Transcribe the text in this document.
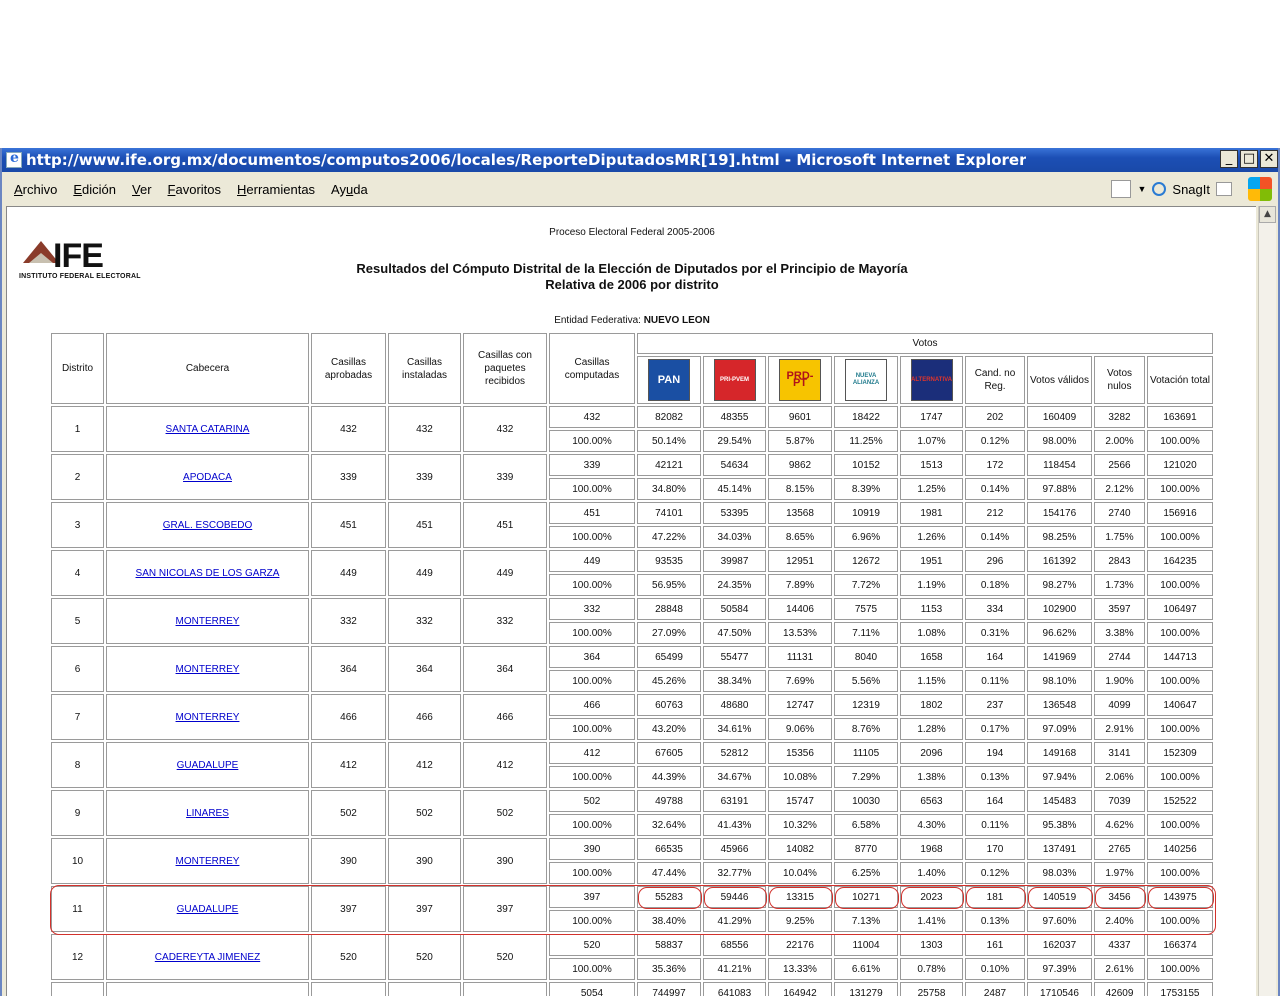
e
http://www.ife.org.mx/documentos/computos2006/locales/ReporteDiputadosMR[19].html - Microsoft Internet Explorer	_ □ ✕
Archivo	Edición	Ver	Favoritos	Herramientas	Ayuda	▼ SnagIt
IFE
INSTITUTO FEDERAL ELECTORAL
Proceso Electoral Federal 2005-2006
Resultados del Cómputo Distrital de la Elección de Diputados por el Principio de Mayoría
Relativa de 2006 por distrito
Entidad Federativa: NUEVO LEON
Distrito	Cabecera	Casillas aprobadas	Casillas instaladas	Casillas con paquetes recibidos	Casillas computadas	Votos								

PAN	PRI-PVEM	PRD-PT	NUEVA ALIANZA	ALTERNATIVA	Cand. no Reg.	Votos válidos	Votos nulos	Votación total
1	SANTA CATARINA	432	432	432	432	82082	48355	9601	18422	1747	202	160409	3282	163691
					100.00%	50.14%	29.54%	5.87%	11.25%	1.07%	0.12%	98.00%	2.00%	100.00%
2	APODACA	339	339	339	339	42121	54634	9862	10152	1513	172	118454	2566	121020
					100.00%	34.80%	45.14%	8.15%	8.39%	1.25%	0.14%	97.88%	2.12%	100.00%
3	GRAL. ESCOBEDO	451	451	451	451	74101	53395	13568	10919	1981	212	154176	2740	156916
					100.00%	47.22%	34.03%	8.65%	6.96%	1.26%	0.14%	98.25%	1.75%	100.00%
4	SAN NICOLAS DE LOS GARZA	449	449	449	449	93535	39987	12951	12672	1951	296	161392	2843	164235
					100.00%	56.95%	24.35%	7.89%	7.72%	1.19%	0.18%	98.27%	1.73%	100.00%
5	MONTERREY	332	332	332	332	28848	50584	14406	7575	1153	334	102900	3597	106497
					100.00%	27.09%	47.50%	13.53%	7.11%	1.08%	0.31%	96.62%	3.38%	100.00%
6	MONTERREY	364	364	364	364	65499	55477	11131	8040	1658	164	141969	2744	144713
					100.00%	45.26%	38.34%	7.69%	5.56%	1.15%	0.11%	98.10%	1.90%	100.00%
7	MONTERREY	466	466	466	466	60763	48680	12747	12319	1802	237	136548	4099	140647
					100.00%	43.20%	34.61%	9.06%	8.76%	1.28%	0.17%	97.09%	2.91%	100.00%
8	GUADALUPE	412	412	412	412	67605	52812	15356	11105	2096	194	149168	3141	152309
					100.00%	44.39%	34.67%	10.08%	7.29%	1.38%	0.13%	97.94%	2.06%	100.00%
9	LINARES	502	502	502	502	49788	63191	15747	10030	6563	164	145483	7039	152522
					100.00%	32.64%	41.43%	10.32%	6.58%	4.30%	0.11%	95.38%	4.62%	100.00%
10	MONTERREY	390	390	390	390	66535	45966	14082	8770	1968	170	137491	2765	140256
					100.00%	47.44%	32.77%	10.04%	6.25%	1.40%	0.12%	98.03%	1.97%	100.00%
11	GUADALUPE	397	397	397	397	55283	59446	13315	10271	2023	181	140519	3456	143975
					100.00%	38.40%	41.29%	9.25%	7.13%	1.41%	0.13%	97.60%	2.40%	100.00%
12	CADEREYTA JIMENEZ	520	520	520	520	58837	68556	22176	11004	1303	161	162037	4337	166374
					100.00%	35.36%	41.21%	13.33%	6.61%	0.78%	0.10%	97.39%	2.61%	100.00%
					5054	744997	641083	164942	131279	25758	2487	1710546	42609	1753155
▲
